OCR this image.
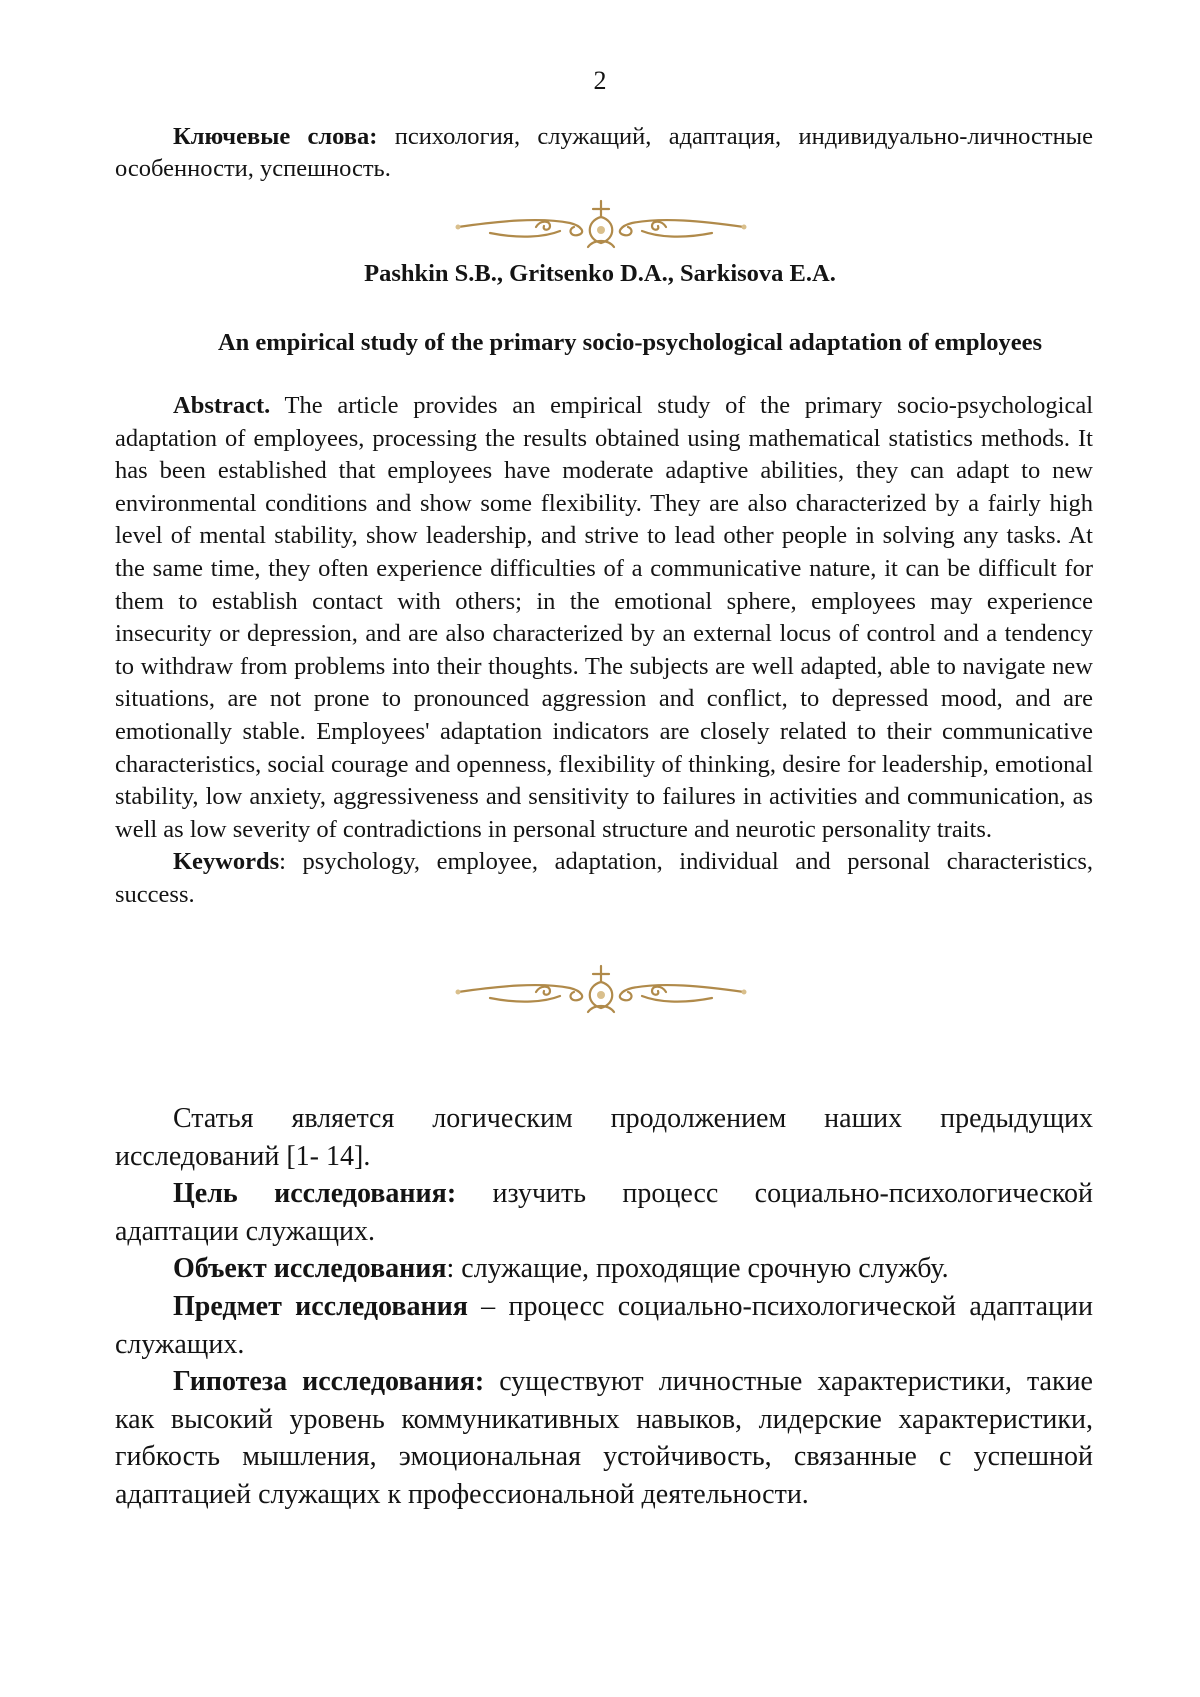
2

Ключевые слова: психология, служащий, адаптация, индивидуально-личностные особенности, успешность.

Pashkin S.B., Gritsenko D.A., Sarkisova E.A.
An empirical study of the primary socio-psychological adaptation of employees

Abstract. The article provides an empirical study of the primary socio-psychological adaptation of employees, processing the results obtained using mathematical statistics methods. It has been established that employees have moderate adaptive abilities, they can adapt to new environmental conditions and show some flexibility. They are also characterized by a fairly high level of mental stability, show leadership, and strive to lead other people in solving any tasks. At the same time, they often experience difficulties of a communicative nature, it can be difficult for them to establish contact with others; in the emotional sphere, employees may experience insecurity or depression, and are also characterized by an external locus of control and a tendency to withdraw from problems into their thoughts. The subjects are well adapted, able to navigate new situations, are not prone to pronounced aggression and conflict, to depressed mood, and are emotionally stable. Employees' adaptation indicators are closely related to their communicative characteristics, social courage and openness, flexibility of thinking, desire for leadership, emotional stability, low anxiety, aggressiveness and sensitivity to failures in activities and communication, as well as low severity of contradictions in personal structure and neurotic personality traits.

Keywords: psychology, employee, adaptation, individual and personal characteristics, success.

Статья является логическим продолжением наших предыдущих исследований [1- 14].

Цель исследования: изучить процесс социально-психологической адаптации служащих.

Объект исследования: служащие, проходящие срочную службу.

Предмет исследования – процесс социально-психологической адаптации служащих.

Гипотеза исследования: существуют личностные характеристики, такие как высокий уровень коммуникативных навыков, лидерские характеристики, гибкость мышления, эмоциональная устойчивость, связанные с успешной адаптацией служащих к профессиональной деятельности.
